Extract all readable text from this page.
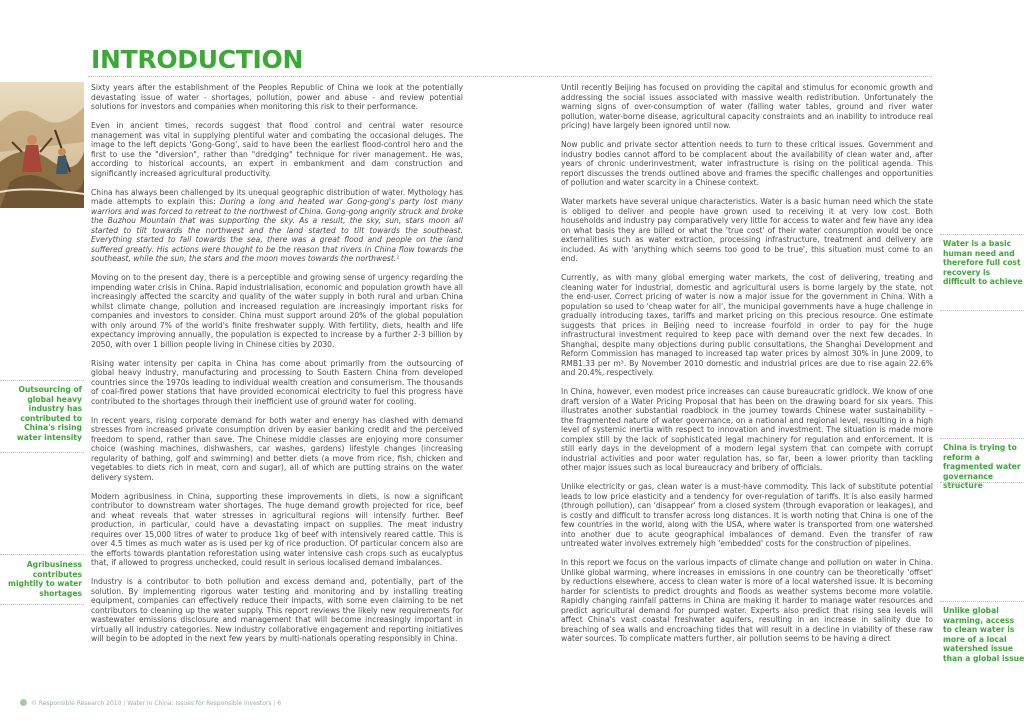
INTRODUCTION

Sixty years after the establishment of the Peoples Republic of China we look at the potentially devastating issue of water - shortages, pollution, power and abuse - and review potential solutions for investors and companies when monitoring this risk to their performance.

Even in ancient times, records suggest that flood control and central water resource management was vital in supplying plentiful water and combating the occasional deluges. The image to the left depicts 'Gong-Gong', said to have been the earliest flood-control hero and the first to use the "diversion", rather than "dredging" technique for river management. He was, according to historical accounts, an expert in embankment and dam construction and significantly increased agricultural productivity.

China has always been challenged by its unequal geographic distribution of water. Mythology has made attempts to explain this: During a long and heated war Gong-gong's party lost many warriors and was forced to retreat to the northwest of China. Gong-gong angrily struck and broke the Buzhou Mountain that was supporting the sky. As a result, the sky, sun, stars moon all started to tilt towards the northwest and the land started to tilt towards the southeast. Everything started to fall towards the sea, there was a great flood and people on the land suffered greatly. His actions were thought to be the reason that rivers in China flow towards the southeast, while the sun, the stars and the moon moves towards the northwest.¹

Moving on to the present day, there is a perceptible and growing sense of urgency regarding the impending water crisis in China. Rapid industrialisation, economic and population growth have all increasingly affected the scarcity and quality of the water supply in both rural and urban China whilst climate change, pollution and increased regulation are increasingly important risks for companies and investors to consider. China must support around 20% of the global population with only around 7% of the world's finite freshwater supply. With fertility, diets, health and life expectancy improving annually, the population is expected to increase by a further 2-3 billion by 2050, with over 1 billion people living in Chinese cities by 2030.

Rising water intensity per capita in China has come about primarily from the outsourcing of global heavy industry, manufacturing and processing to South Eastern China from developed countries since the 1970s leading to individual wealth creation and consumerism. The thousands of coal-fired power stations that have provided economical electricity to fuel this progress have contributed to the shortages through their inefficient use of ground water for cooling.

In recent years, rising corporate demand for both water and energy has clashed with demand stresses from increased private consumption driven by easier banking credit and the perceived freedom to spend, rather than save. The Chinese middle classes are enjoying more consumer choice (washing machines, dishwashers, car washes, gardens) lifestyle changes (increasing regularity of bathing, golf and swimming) and better diets (a move from rice, fish, chicken and vegetables to diets rich in meat, corn and sugar), all of which are putting strains on the water delivery system.

Modern agribusiness in China, supporting these improvements in diets, is now a significant contributor to downstream water shortages. The huge demand growth projected for rice, beef and wheat reveals that water stresses in agricultural regions will intensify further. Beef production, in particular, could have a devastating impact on supplies. The meat industry requires over 15,000 litres of water to produce 1kg of beef with intensively reared cattle. This is over 4.5 times as much water as is used per kg of rice production. Of particular concern also are the efforts towards plantation reforestation using water intensive cash crops such as eucalyptus that, if allowed to progress unchecked, could result in serious localised demand imbalances.

Industry is a contributor to both pollution and excess demand and, potentially, part of the solution. By implementing rigorous water testing and monitoring and by installing treating equipment, companies can effectively reduce their impacts, with some even claiming to be net contributors to cleaning up the water supply. This report reviews the likely new requirements for wastewater emissions disclosure and management that will become increasingly important in virtually all industry categories. New industry collaborative engagement and reporting initiatives will begin to be adopted in the next few years by multi-nationals operating responsibly in China.

Until recently Beijing has focused on providing the capital and stimulus for economic growth and addressing the social issues associated with massive wealth redistribution. Unfortunately the warning signs of over-consumption of water (falling water tables, ground and river water pollution, water-borne disease, agricultural capacity constraints and an inability to introduce real pricing) have largely been ignored until now.

Now public and private sector attention needs to turn to these critical issues. Government and industry bodies cannot afford to be complacent about the availability of clean water and, after years of chronic underinvestment, water infrastructure is rising on the political agenda. This report discusses the trends outlined above and frames the specific challenges and opportunities of pollution and water scarcity in a Chinese context.

Water markets have several unique characteristics. Water is a basic human need which the state is obliged to deliver and people have grown used to receiving it at very low cost. Both households and industry pay comparatively very little for access to water and few have any idea on what basis they are billed or what the 'true cost' of their water consumption would be once externalities such as water extraction, processing infrastructure, treatment and delivery are included. As with 'anything which seems too good to be true', this situation must come to an end.

Currently, as with many global emerging water markets, the cost of delivering, treating and cleaning water for industrial, domestic and agricultural users is borne largely by the state, not the end-user. Correct pricing of water is now a major issue for the government in China. With a population so used to 'cheap water for all', the municipal governments have a huge challenge in gradually introducing taxes, tariffs and market pricing on this precious resource. One estimate suggests that prices in Beijing need to increase fourfold in order to pay for the huge infrastructural investment required to keep pace with demand over the next few decades. In Shanghai, despite many objections during public consultations, the Shanghai Development and Reform Commission has managed to increased tap water prices by almost 30% in June 2009, to RMB1.33 per m³. By November 2010 domestic and industrial prices are due to rise again 22.6% and 20.4%, respectively.

In China, however, even modest price increases can cause bureaucratic gridlock. We know of one draft version of a Water Pricing Proposal that has been on the drawing board for six years. This illustrates another substantial roadblock in the journey towards Chinese water sustainability – the fragmented nature of water governance, on a national and regional level, resulting in a high level of systemic inertia with respect to innovation and investment. The situation is made more complex still by the lack of sophisticated legal machinery for regulation and enforcement. It is still early days in the development of a modern legal system that can compete with corrupt industrial activities and poor water regulation has, so far, been a lower priority than tackling other major issues such as local bureaucracy and bribery of officials.

Unlike electricity or gas, clean water is a must-have commodity. This lack of substitute potential leads to low price elasticity and a tendency for over-regulation of tariffs. It is also easily harmed (through pollution), can 'disappear' from a closed system (through evaporation or leakages), and is costly and difficult to transfer across long distances. It is worth noting that China is one of the few countries in the world, along with the USA, where water is transported from one watershed into another due to acute geographical imbalances of demand. Even the transfer of raw untreated water involves extremely high 'embedded' costs for the construction of pipelines.

In this report we focus on the various impacts of climate change and pollution on water in China. Unlike global warming, where increases in emissions in one country can be theoretically 'offset' by reductions elsewhere, access to clean water is more of a local watershed issue. It is becoming harder for scientists to predict droughts and floods as weather systems become more volatile. Rapidly changing rainfall patterns in China are making it harder to manage water resources and predict agricultural demand for pumped water. Experts also predict that rising sea levels will affect China's vast coastal freshwater aquifers, resulting in an increase in salinity due to breaching of sea walls and encroaching tides that will result in a decline in viability of these raw water sources. To complicate matters further, air pollution seems to be having a direct

Outsourcing of global heavy industry has contributed to China's rising water intensity
Agribusiness contributes mightily to water shortages
Water is a basic human need and therefore full cost recovery is difficult to achieve
China is trying to reform a fragmented water governance structure
Unlike global warming, access to clean water is more of a local watershed issue than a global issue
© Responsible Research 2010 | Water in China: Issues for Responsible Investors | 6
